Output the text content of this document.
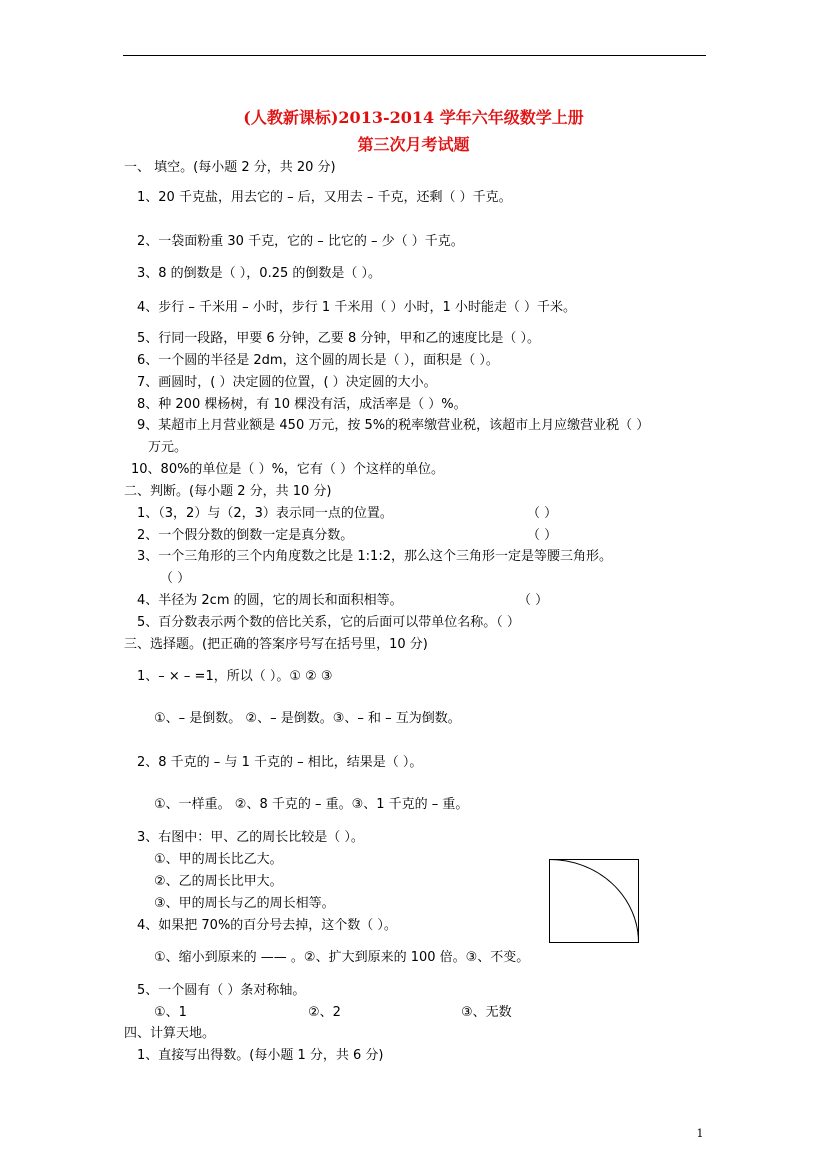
(人教新课标)2013-2014 学年六年级数学上册
第三次月考试题
一、 填空。(每小题 2 分，共 20 分)
1、20 千克盐，用去它的 – 后，又用去 – 千克，还剩（ ）千克。
2、一袋面粉重 30 千克，它的 – 比它的 – 少（ ）千克。
3、8 的倒数是（ ），0.25 的倒数是（ ）。
4、步行 – 千米用 – 小时，步行 1 千米用（ ）小时，1 小时能走（ ）千米。
5、行同一段路，甲要 6 分钟，乙要 8 分钟，甲和乙的速度比是（ ）。
6、一个圆的半径是 2dm，这个圆的周长是（ ），面积是（ ）。
7、画圆时，( ）决定圆的位置，( ）决定圆的大小。
8、种 200 棵杨树，有 10 棵没有活，成活率是（ ）%。
9、某超市上月营业额是 450 万元，按 5%的税率缴营业税，该超市上月应缴营业税（ ）
万元。
10、80%的单位是（ ）%，它有（ ）个这样的单位。
二、判断。(每小题 2 分，共 10 分)
1、（3，2）与（2，3）表示同一点的位置。	（ ）
2、一个假分数的倒数一定是真分数。	（ ）
3、一个三角形的三个内角度数之比是 1:1:2，那么这个三角形一定是等腰三角形。
（ ）
4、半径为 2cm 的圆，它的周长和面积相等。	（ ）
5、百分数表示两个数的倍比关系，它的后面可以带单位名称。（ ）
三、选择题。(把正确的答案序号写在括号里，10 分)
1、– × – =1，所以（ ）。① ② ③
①、– 是倒数。 ②、– 是倒数。③、– 和 – 互为倒数。
2、8 千克的 – 与 1 千克的 – 相比，结果是（ ）。
①、一样重。 ②、8 千克的 – 重。③、1 千克的 – 重。
3、右图中：甲、乙的周长比较是（ ）。
①、甲的周长比乙大。
②、乙的周长比甲大。
③、甲的周长与乙的周长相等。
4、如果把 70%的百分号去掉，这个数（ ）。
①、缩小到原来的 —— 。②、扩大到原来的 100 倍。③、不变。
5、一个圆有（ ）条对称轴。
①、1	②、2	③、无数
四、计算天地。
1、直接写出得数。(每小题 1 分，共 6 分)
1
